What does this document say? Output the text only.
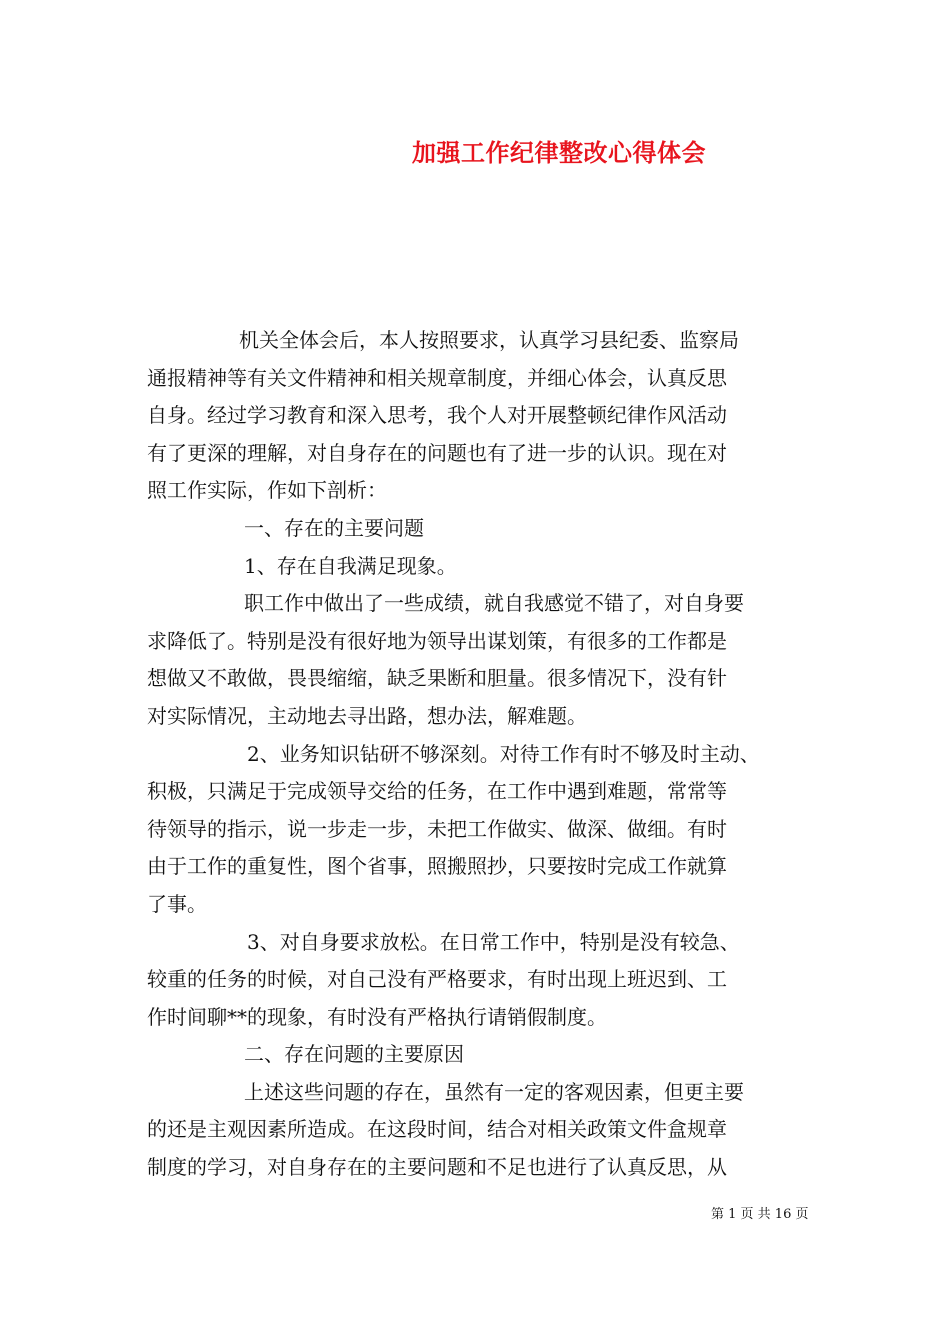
加强工作纪律整改心得体会
机关全体会后，本人按照要求，认真学习县纪委、监察局
通报精神等有关文件精神和相关规章制度，并细心体会，认真反思
自身。经过学习教育和深入思考，我个人对开展整顿纪律作风活动
有了更深的理解，对自身存在的问题也有了进一步的认识。现在对
照工作实际，作如下剖析：
一、存在的主要问题
1、存在自我满足现象。
职工作中做出了一些成绩，就自我感觉不错了，对自身要
求降低了。特别是没有很好地为领导出谋划策，有很多的工作都是
想做又不敢做，畏畏缩缩，缺乏果断和胆量。很多情况下，没有针
对实际情况，主动地去寻出路，想办法，解难题。
2、业务知识钻研不够深刻。对待工作有时不够及时主动、
积极，只满足于完成领导交给的任务，在工作中遇到难题，常常等
待领导的指示，说一步走一步，未把工作做实、做深、做细。有时
由于工作的重复性，图个省事，照搬照抄，只要按时完成工作就算
了事。
3、对自身要求放松。在日常工作中，特别是没有较急、
较重的任务的时候，对自己没有严格要求，有时出现上班迟到、工
作时间聊**的现象，有时没有严格执行请销假制度。
二、存在问题的主要原因
上述这些问题的存在，虽然有一定的客观因素，但更主要
的还是主观因素所造成。在这段时间，结合对相关政策文件盒规章
制度的学习，对自身存在的主要问题和不足也进行了认真反思，从
第 1 页 共 16 页
